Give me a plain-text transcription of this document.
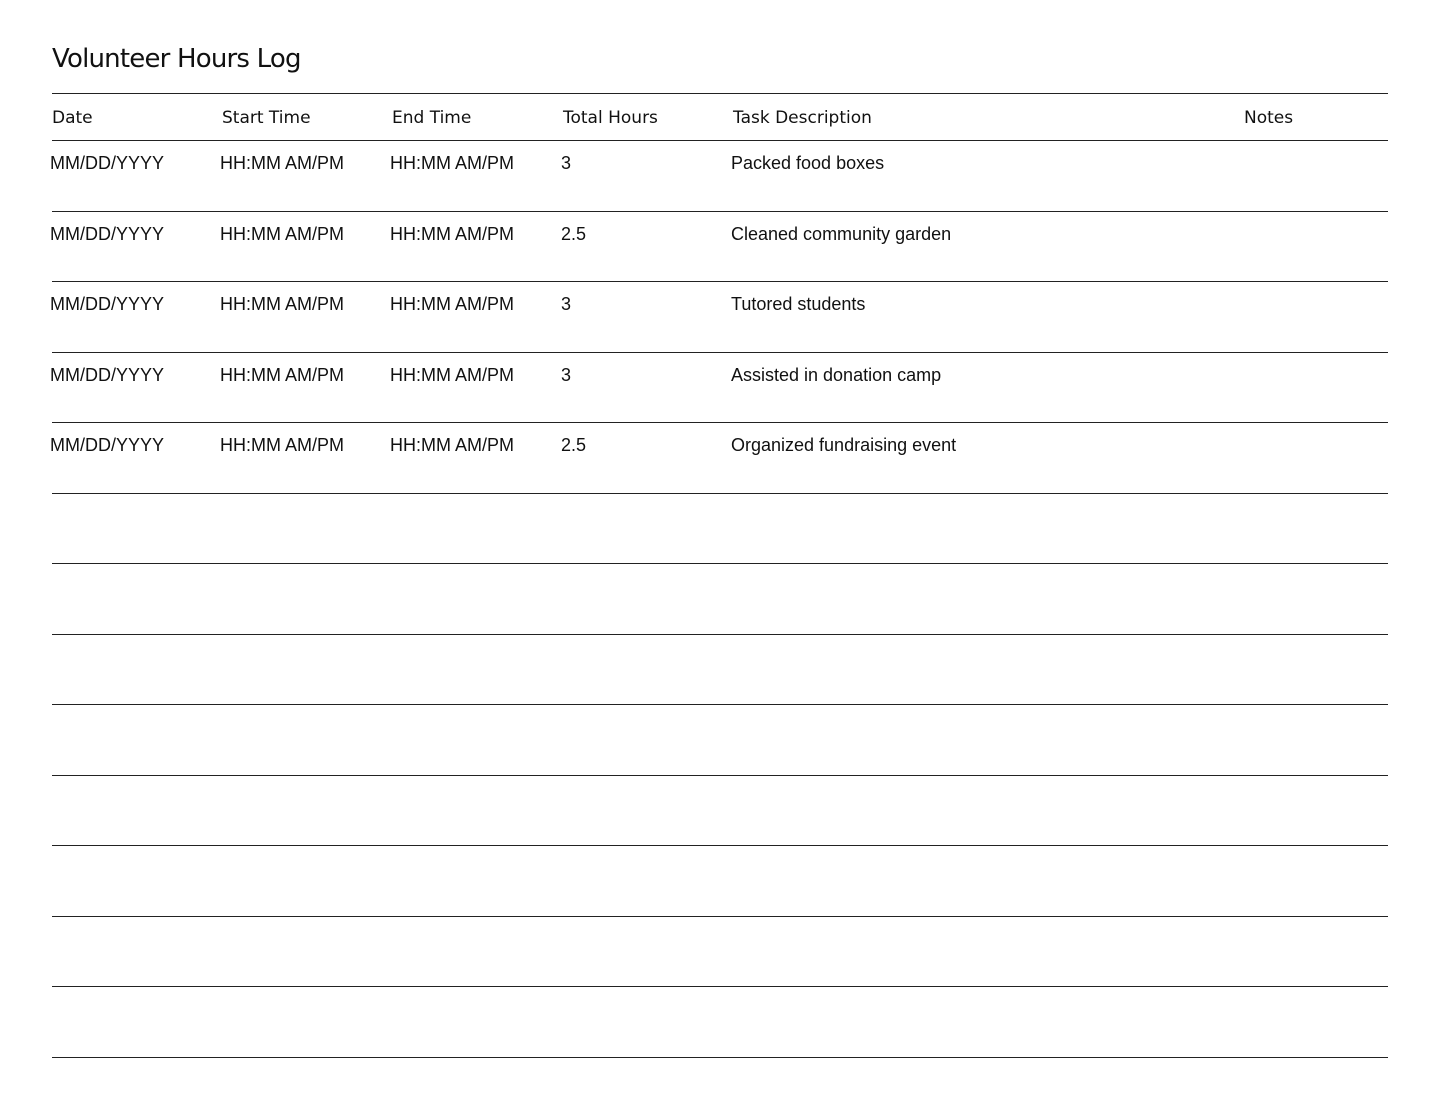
Volunteer Hours Log
Date	Start Time	End Time	Total Hours	Task Description	Notes
MM/DD/YYYY	HH:MM AM/PM	HH:MM AM/PM	3	Packed food boxes
MM/DD/YYYY	HH:MM AM/PM	HH:MM AM/PM	2.5	Cleaned community garden
MM/DD/YYYY	HH:MM AM/PM	HH:MM AM/PM	3	Tutored students
MM/DD/YYYY	HH:MM AM/PM	HH:MM AM/PM	3	Assisted in donation camp
MM/DD/YYYY	HH:MM AM/PM	HH:MM AM/PM	2.5	Organized fundraising event
